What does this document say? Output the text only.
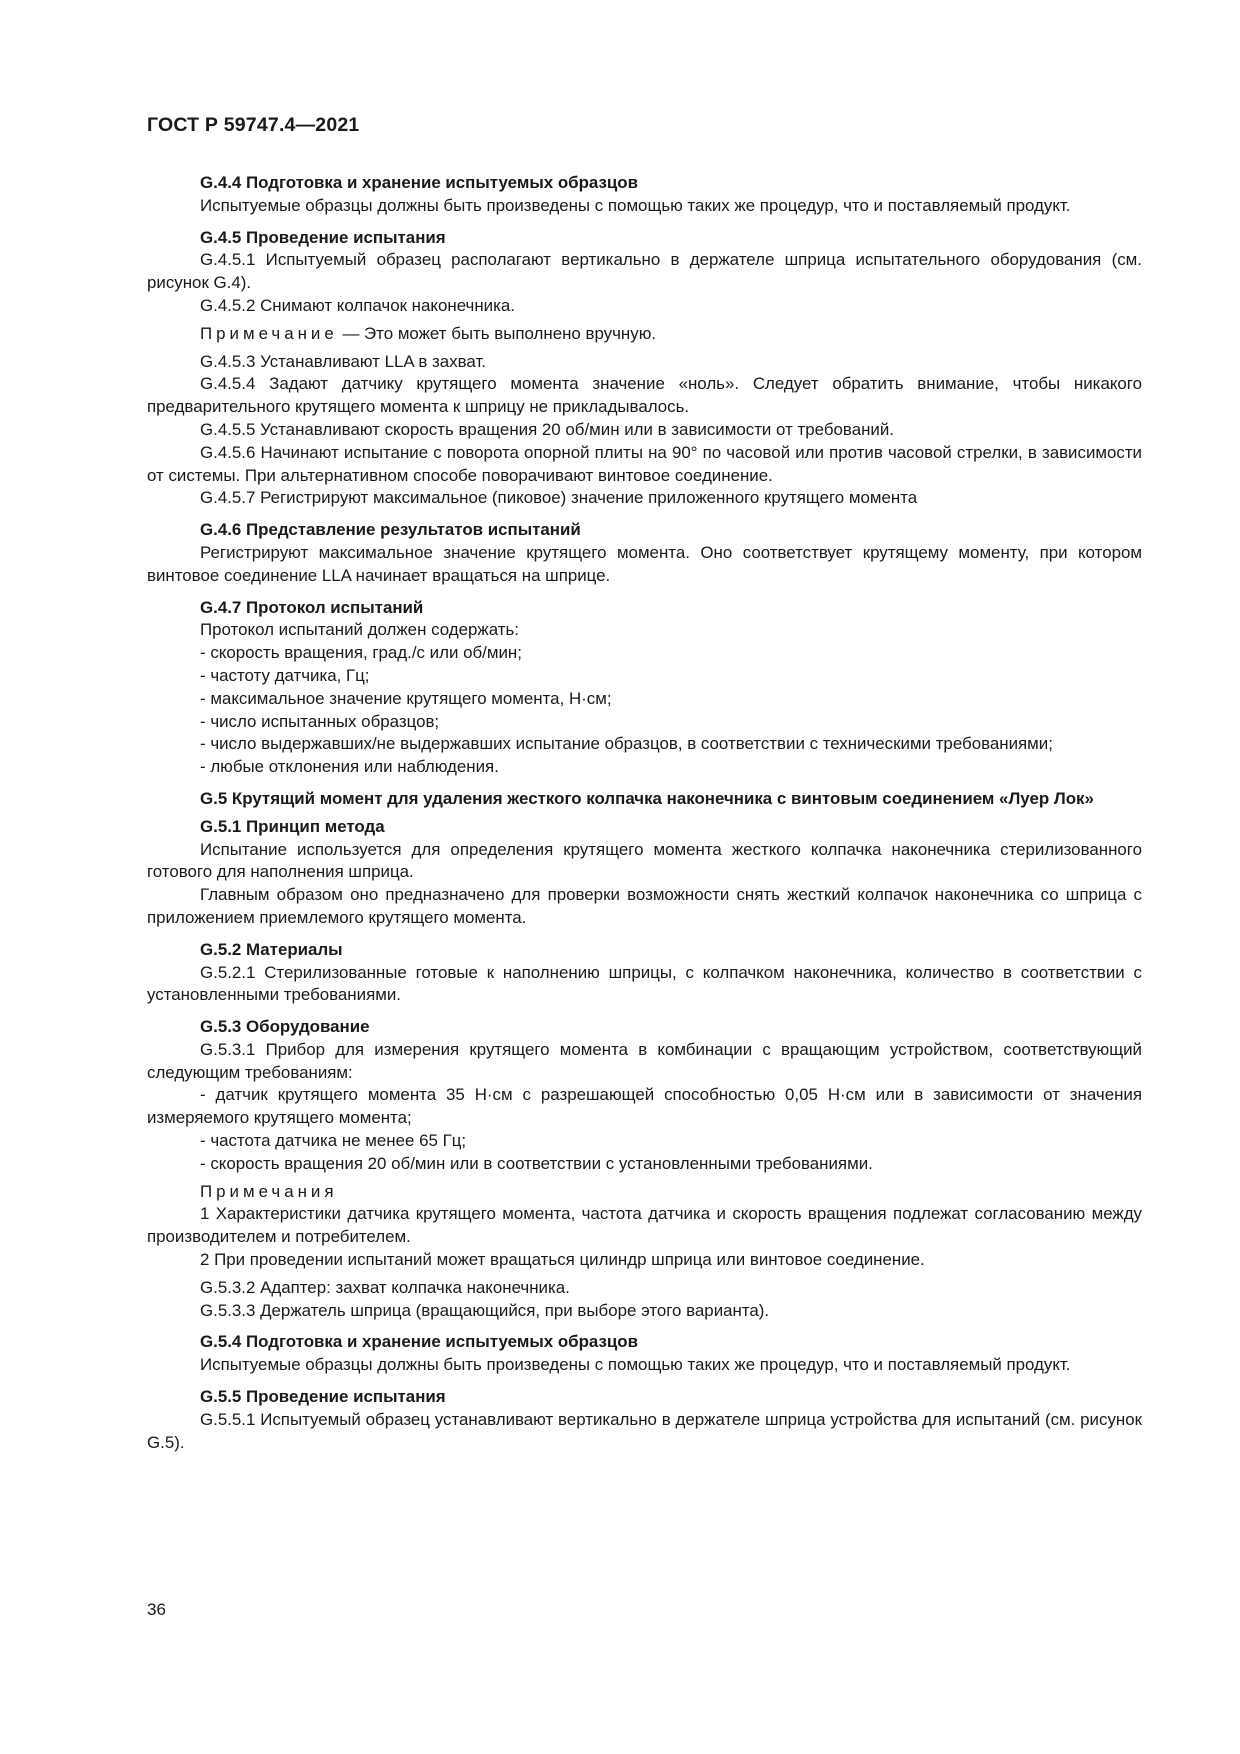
ГОСТ Р 59747.4—2021
G.4.4 Подготовка и хранение испытуемых образцов

Испытуемые образцы должны быть произведены с помощью таких же процедур, что и поставляемый продукт.

G.4.5 Проведение испытания

G.4.5.1 Испытуемый образец располагают вертикально в держателе шприца испытательного оборудования (см. рисунок G.4).

G.4.5.2 Снимают колпачок наконечника.

Примечание — Это может быть выполнено вручную.

G.4.5.3 Устанавливают LLA в захват.

G.4.5.4 Задают датчику крутящего момента значение «ноль». Следует обратить внимание, чтобы никакого предварительного крутящего момента к шприцу не прикладывалось.

G.4.5.5 Устанавливают скорость вращения 20 об/мин или в зависимости от требований.

G.4.5.6 Начинают испытание с поворота опорной плиты на 90° по часовой или против часовой стрелки, в зависимости от системы. При альтернативном способе поворачивают винтовое соединение.

G.4.5.7 Регистрируют максимальное (пиковое) значение приложенного крутящего момента

G.4.6 Представление результатов испытаний

Регистрируют максимальное значение крутящего момента. Оно соответствует крутящему моменту, при котором винтовое соединение LLA начинает вращаться на шприце.

G.4.7 Протокол испытаний

Протокол испытаний должен содержать:

- скорость вращения, град./с или об/мин;

- частоту датчика, Гц;

- максимальное значение крутящего момента, Н·см;

- число испытанных образцов;

- число выдержавших/не выдержавших испытание образцов, в соответствии с техническими требованиями;

- любые отклонения или наблюдения.

G.5 Крутящий момент для удаления жесткого колпачка наконечника с винтовым соединением «Луер Лок»
G.5.1 Принцип метода

Испытание используется для определения крутящего момента жесткого колпачка наконечника стерилизованного готового для наполнения шприца.

Главным образом оно предназначено для проверки возможности снять жесткий колпачок наконечника со шприца с приложением приемлемого крутящего момента.

G.5.2 Материалы

G.5.2.1 Стерилизованные готовые к наполнению шприцы, с колпачком наконечника, количество в соответствии с установленными требованиями.

G.5.3 Оборудование

G.5.3.1 Прибор для измерения крутящего момента в комбинации с вращающим устройством, соответствующий следующим требованиям:

- датчик крутящего момента 35 Н·см с разрешающей способностью 0,05 Н·см или в зависимости от значения измеряемого крутящего момента;

- частота датчика не менее 65 Гц;

- скорость вращения 20 об/мин или в соответствии с установленными требованиями.

Примечания

1 Характеристики датчика крутящего момента, частота датчика и скорость вращения подлежат согласованию между производителем и потребителем.

2 При проведении испытаний может вращаться цилиндр шприца или винтовое соединение.

G.5.3.2 Адаптер: захват колпачка наконечника.

G.5.3.3 Держатель шприца (вращающийся, при выборе этого варианта).

G.5.4 Подготовка и хранение испытуемых образцов

Испытуемые образцы должны быть произведены с помощью таких же процедур, что и поставляемый продукт.

G.5.5 Проведение испытания

G.5.5.1 Испытуемый образец устанавливают вертикально в держателе шприца устройства для испытаний (см. рисунок G.5).

36
